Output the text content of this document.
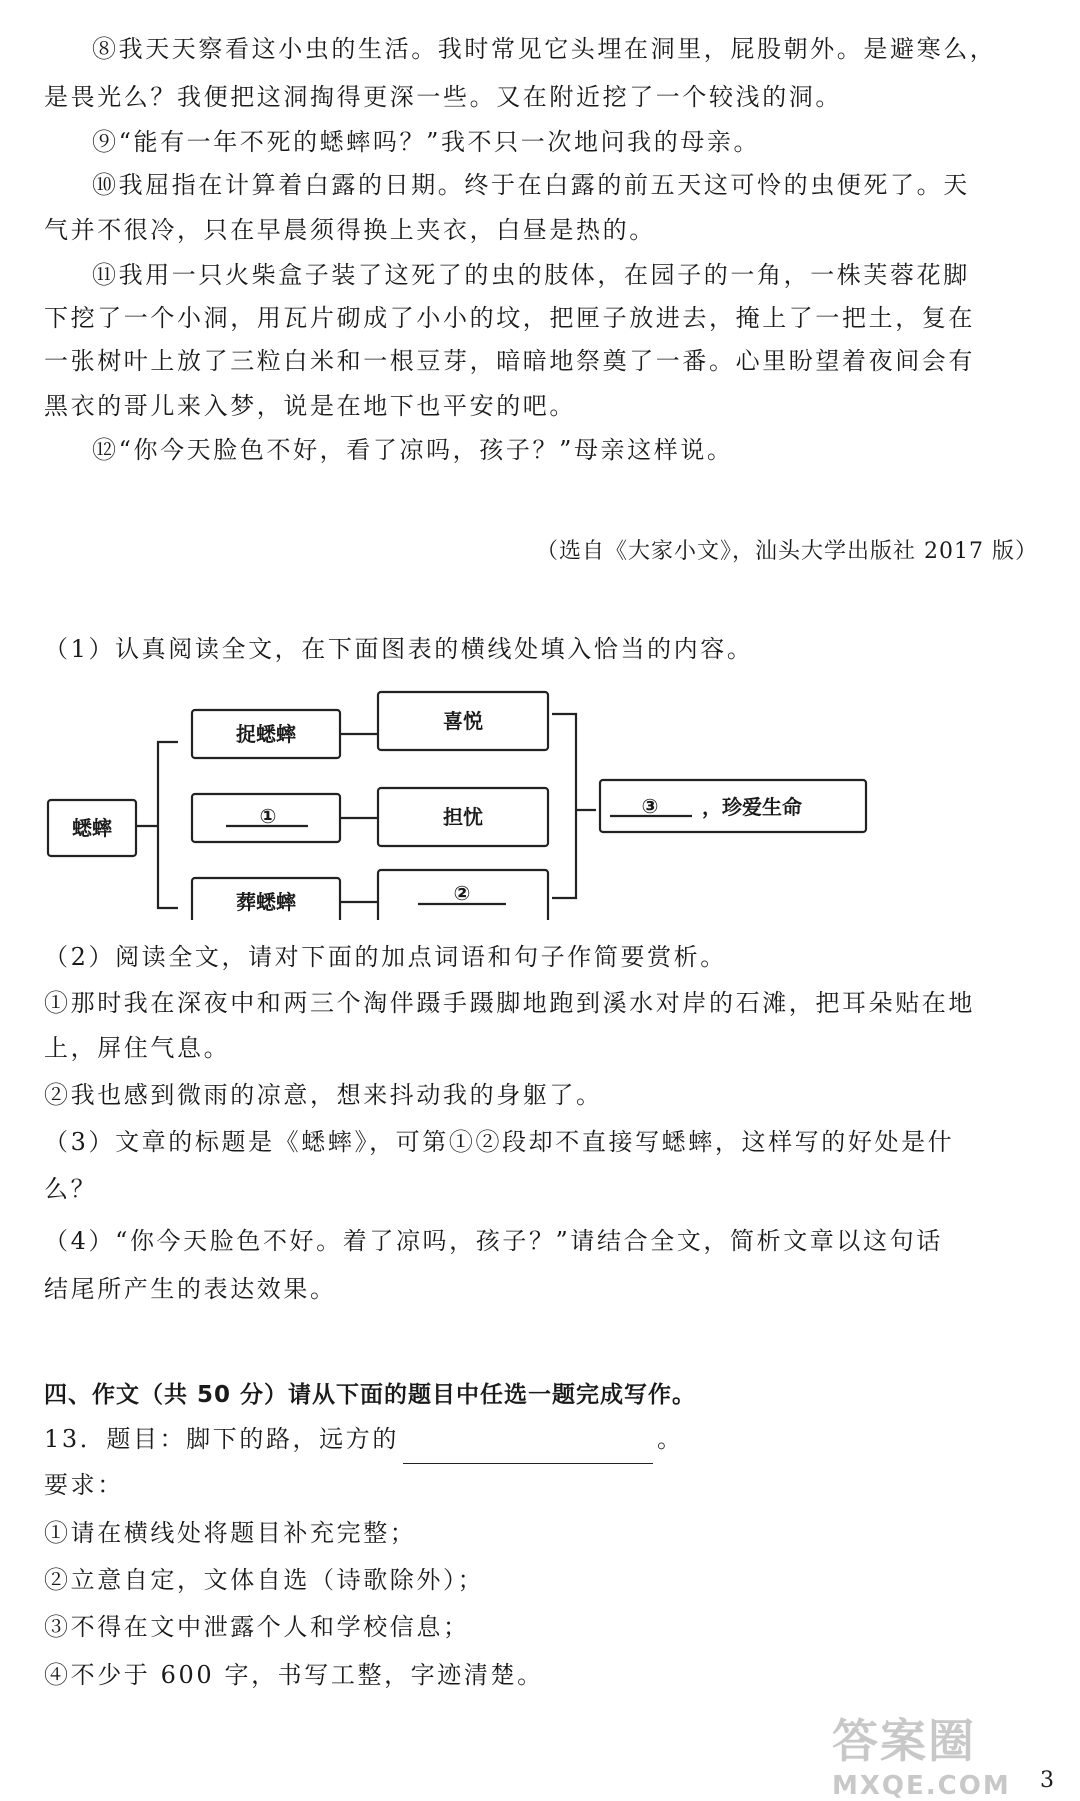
⑧我天天察看这小虫的生活。我时常见它头埋在洞里，屁股朝外。是避寒么，
是畏光么？我便把这洞掏得更深一些。又在附近挖了一个较浅的洞。
⑨“能有一年不死的蟋蟀吗？”我不只一次地问我的母亲。
⑩我屈指在计算着白露的日期。终于在白露的前五天这可怜的虫便死了。天
气并不很冷，只在早晨须得换上夹衣，白昼是热的。
⑪我用一只火柴盒子装了这死了的虫的肢体，在园子的一角，一株芙蓉花脚
下挖了一个小洞，用瓦片砌成了小小的坟，把匣子放进去，掩上了一把土，复在
一张树叶上放了三粒白米和一根豆芽，暗暗地祭奠了一番。心里盼望着夜间会有
黑衣的哥儿来入梦，说是在地下也平安的吧。
⑫“你今天脸色不好，看了凉吗，孩子？”母亲这样说。
（选自《大家小文》，汕头大学出版社 2017 版）
（1）认真阅读全文，在下面图表的横线处填入恰当的内容。
蟋蟀
捉蟋蟀
①
葬蟋蟀
喜悦
担忧
②
③ ，珍爱生命
（2）阅读全文，请对下面的加点词语和句子作简要赏析。
①那时我在深夜中和两三个淘伴蹑手蹑脚地跑到溪水对岸的石滩，把耳朵贴在地
上，屏住气息。
②我也感到微雨的凉意，想来抖动我的身躯了。
（3）文章的标题是《蟋蟀》，可第①②段却不直接写蟋蟀，这样写的好处是什
么？
（4）“你今天脸色不好。着了凉吗，孩子？”请结合全文，简析文章以这句话
结尾所产生的表达效果。
四、作文（共 50 分）请从下面的题目中任选一题完成写作。
13．题目：脚下的路，远方的	。
要求：
①请在横线处将题目补充完整；
②立意自定，文体自选（诗歌除外）；
③不得在文中泄露个人和学校信息；
④不少于 600 字，书写工整，字迹清楚。
答案圈
MXQE.COM	3
